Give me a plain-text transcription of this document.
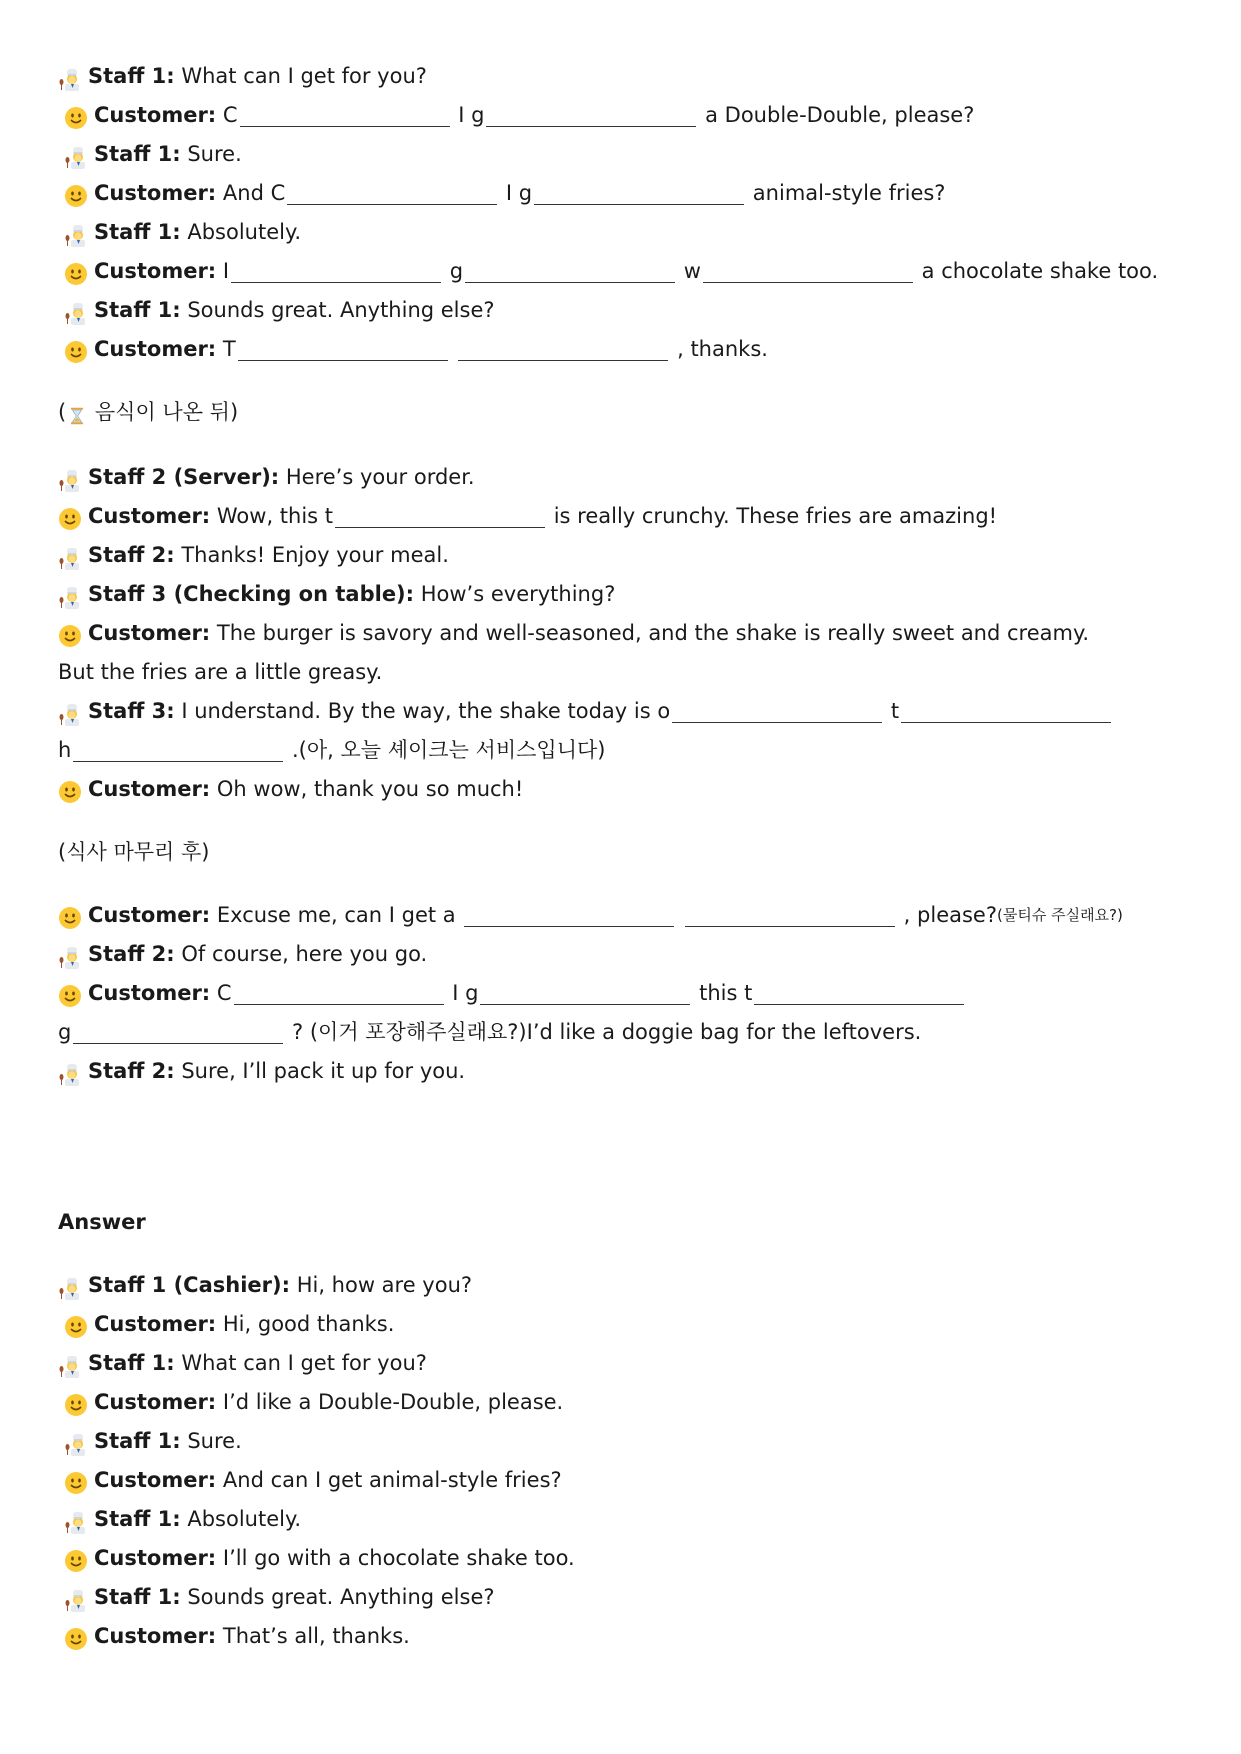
Staff 1: What can I get for you?
Customer: C	I g	a Double-Double, please?
Staff 1: Sure.
Customer: And C	I g	animal-style fries?
Staff 1: Absolutely.
Customer: I	g	w	a chocolate shake too.
Staff 1: Sounds great. Anything else?
Customer: T
	, thanks.
( 음식이 나온 뒤)
Staff 2 (Server): Here’s your order.
Customer: Wow, this t	is really crunchy. These fries are amazing!
Staff 2: Thanks! Enjoy your meal.
Staff 3 (Checking on table): How’s everything?
Customer: The burger is savory and well-seasoned, and the shake is really sweet and creamy.
But the fries are a little greasy.
Staff 3: I understand. By the way, the shake today is o	t
h	.(아, 오늘 셰이크는 서비스입니다)
Customer: Oh wow, thank you so much!
(식사 마무리 후)
Customer: Excuse me, can I get a
	, please? (물티슈 주실래요?)
Staff 2: Of course, here you go.
Customer: C	I g	this t
g	? (이거 포장해주실래요?)I’d like a doggie bag for the leftovers.
Staff 2: Sure, I’ll pack it up for you.
Answer
Staff 1 (Cashier): Hi, how are you?
Customer: Hi, good thanks.
Staff 1: What can I get for you?
Customer: I’d like a Double-Double, please.
Staff 1: Sure.
Customer: And can I get animal-style fries?
Staff 1: Absolutely.
Customer: I’ll go with a chocolate shake too.
Staff 1: Sounds great. Anything else?
Customer: That’s all, thanks.
